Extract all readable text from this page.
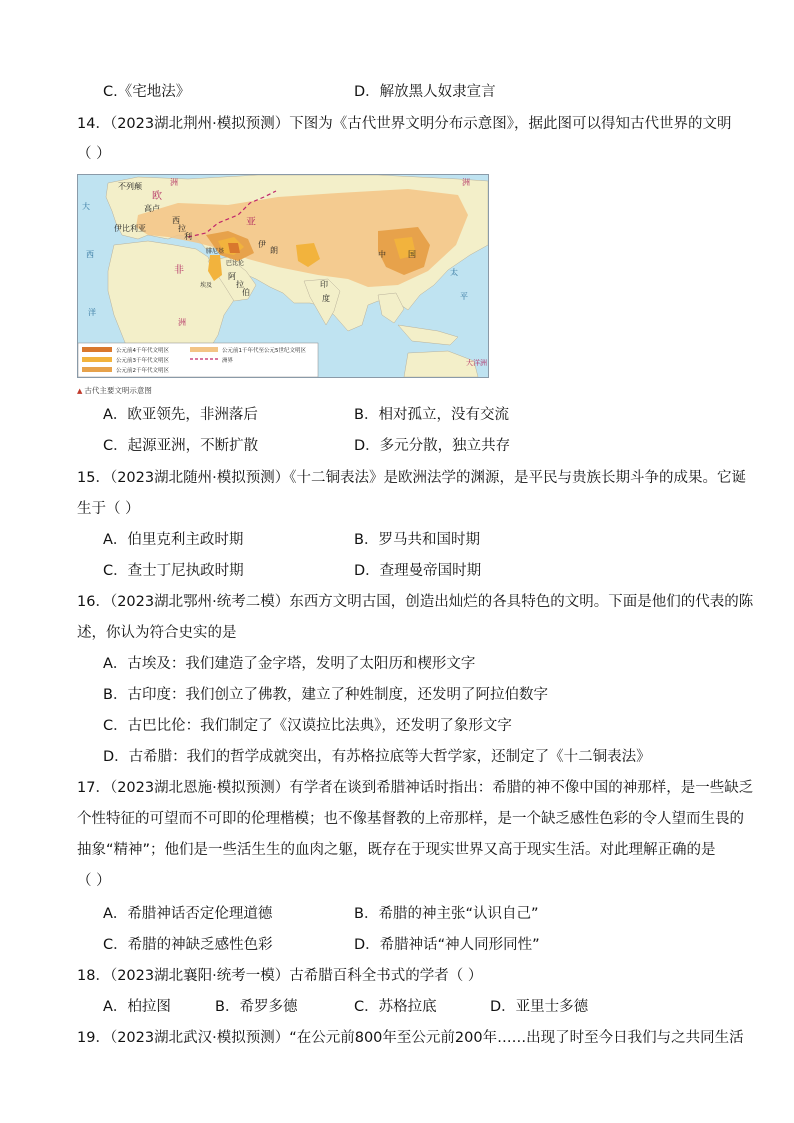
C.《宅地法》	D．解放黑人奴隶宣言
14．（2023湖北荆州·模拟预测）下图为《古代世界文明分布示意图》，据此图可以得知古代世界的文明
（ ）
不列颠
欧
高卢
伊比利亚
西
拉
利
腓尼基
亚
伊
朗
巴比伦
阿
拉
伯
非
埃及
中	国
印
度
大
西
洋
太
平
洲	洲
洲
大洋洲
公元前4千年代文明区
公元前3千年代文明区
公元前2千年代文明区
公元前1千年代至公元5世纪文明区
洲界
▲ 古代主要文明示意图
A．欧亚领先，非洲落后	B．相对孤立，没有交流
C．起源亚洲，不断扩散	D．多元分散，独立共存
15．（2023湖北随州·模拟预测）《十二铜表法》是欧洲法学的渊源，是平民与贵族长期斗争的成果。它诞
生于（ ）
A．伯里克利主政时期	B．罗马共和国时期
C．查士丁尼执政时期	D．查理曼帝国时期
16．（2023湖北鄂州·统考二模）东西方文明古国，创造出灿烂的各具特色的文明。下面是他们的代表的陈
述，你认为符合史实的是
A．古埃及：我们建造了金字塔，发明了太阳历和楔形文字
B．古印度：我们创立了佛教，建立了种姓制度，还发明了阿拉伯数字
C．古巴比伦：我们制定了《汉谟拉比法典》，还发明了象形文字
D．古希腊：我们的哲学成就突出，有苏格拉底等大哲学家，还制定了《十二铜表法》
17．（2023湖北恩施·模拟预测）有学者在谈到希腊神话时指出：希腊的神不像中国的神那样，是一些缺乏
个性特征的可望而不可即的伦理楷模；也不像基督教的上帝那样，是一个缺乏感性色彩的令人望而生畏的
抽象“精神”；他们是一些活生生的血肉之躯，既存在于现实世界又高于现实生活。对此理解正确的是
（ ）
A．希腊神话否定伦理道德	B．希腊的神主张“认识自己”
C．希腊的神缺乏感性色彩	D．希腊神话“神人同形同性”
18．（2023湖北襄阳·统考一模）古希腊百科全书式的学者（ ）
A．柏拉图	B．希罗多德	C．苏格拉底	D．亚里士多德
19．（2023湖北武汉·模拟预测）“在公元前800年至公元前200年……出现了时至今日我们与之共同生活
